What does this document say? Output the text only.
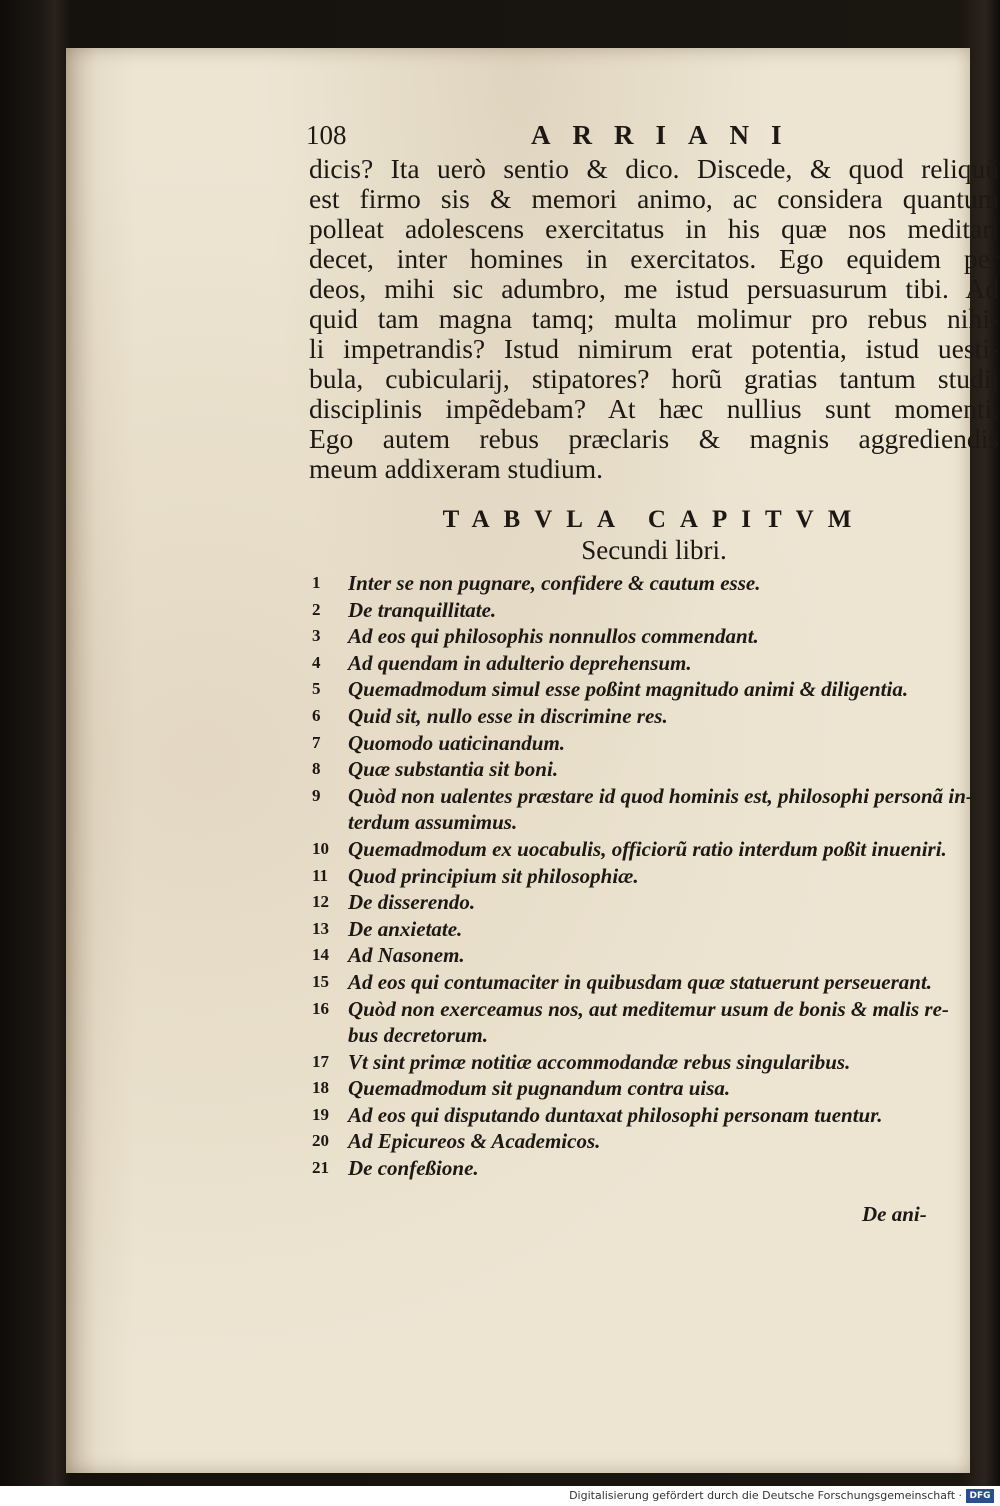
108	ARRIANI
dicis? Ita uerò sentio & dico. Discede, & quod reliquũ
est firmo sis & memori animo, ac considera quantum
polleat adolescens exercitatus in his quæ nos meditari
decet, inter homines in exercitatos. Ego equidem per
deos, mihi sic adumbro, me istud persuasurum tibi. Ad
quid tam magna tamq; multa molimur pro rebus nihi-
li impetrandis? Istud nimirum erat potentia, istud uesti-
bula, cubicularij, stipatores? horũ gratias tantum studij
disciplinis impẽdebam? At hæc nullius sunt momenti.
Ego autem rebus præclaris & magnis aggrediendis
meum addixeram studium.
TABVLA CAPITVM
Secundi libri.
1	Inter se non pugnare, confidere & cautum esse.
2	De tranquillitate.
3	Ad eos qui philosophis nonnullos commendant.
4	Ad quendam in adulterio deprehensum.
5	Quemadmodum simul esse poßint magnitudo animi & diligentia.
6	Quid sit, nullo esse in discrimine res.
7	Quomodo uaticinandum.
8	Quæ substantia sit boni.
9	Quòd non ualentes præstare id quod hominis est, philosophi personã in-
terdum assumimus.
10 Quemadmodum ex uocabulis, officiorũ ratio interdum poßit inueniri.
11 Quod principium sit philosophiæ.
12 De disserendo.
13 De anxietate.
14 Ad Nasonem.
15 Ad eos qui contumaciter in quibusdam quæ statuerunt perseuerant.
16 Quòd non exerceamus nos, aut meditemur usum de bonis & malis re-
bus decretorum.
17 Vt sint primæ notitiæ accommodandæ rebus singularibus.
18 Quemadmodum sit pugnandum contra uisa.
19 Ad eos qui disputando duntaxat philosophi personam tuentur.
20 Ad Epicureos & Academicos.
21 De confeßione.
De ani-
Digitalisierung gefördert durch die Deutsche Forschungsgemeinschaft · DFG
